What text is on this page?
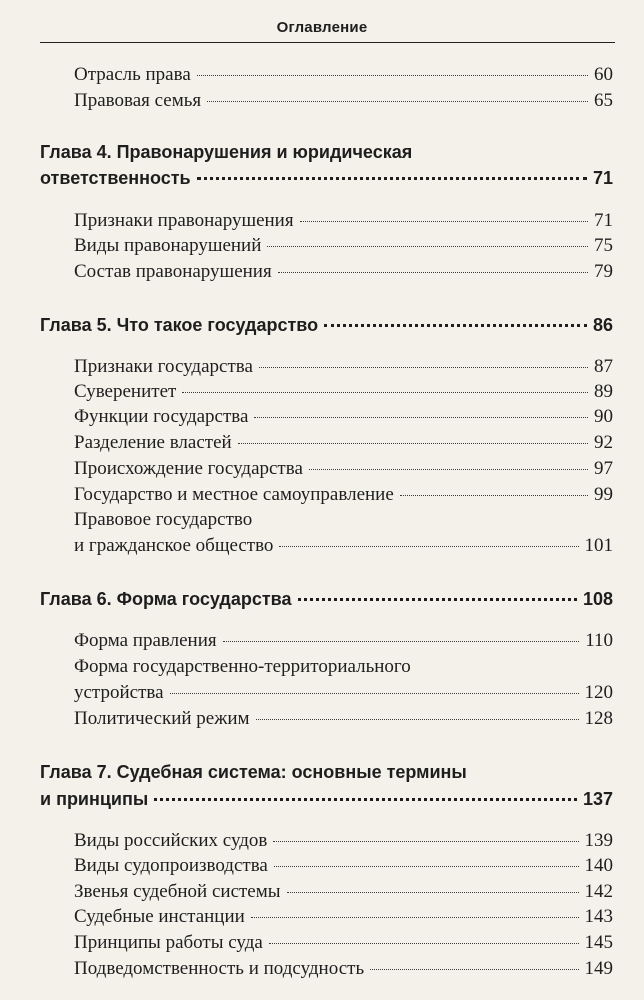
Оглавление
Отрасль права	60
Правовая семья	65
Глава 4. Правонарушения и юридическая
ответственность	71
Признаки правонарушения	71
Виды правонарушений	75
Состав правонарушения	79
Глава 5. Что такое государство	86
Признаки государства	87
Суверенитет	89
Функции государства	90
Разделение властей	92
Происхождение государства	97
Государство и местное самоуправление	99
Правовое государство
и гражданское общество	101
Глава 6. Форма государства	108
Форма правления	110
Форма государственно-территориального
устройства	120
Политический режим	128
Глава 7. Судебная система: основные термины
и принципы	137
Виды российских судов	139
Виды судопроизводства	140
Звенья судебной системы	142
Судебные инстанции	143
Принципы работы суда	145
Подведомственность и подсудность	149
